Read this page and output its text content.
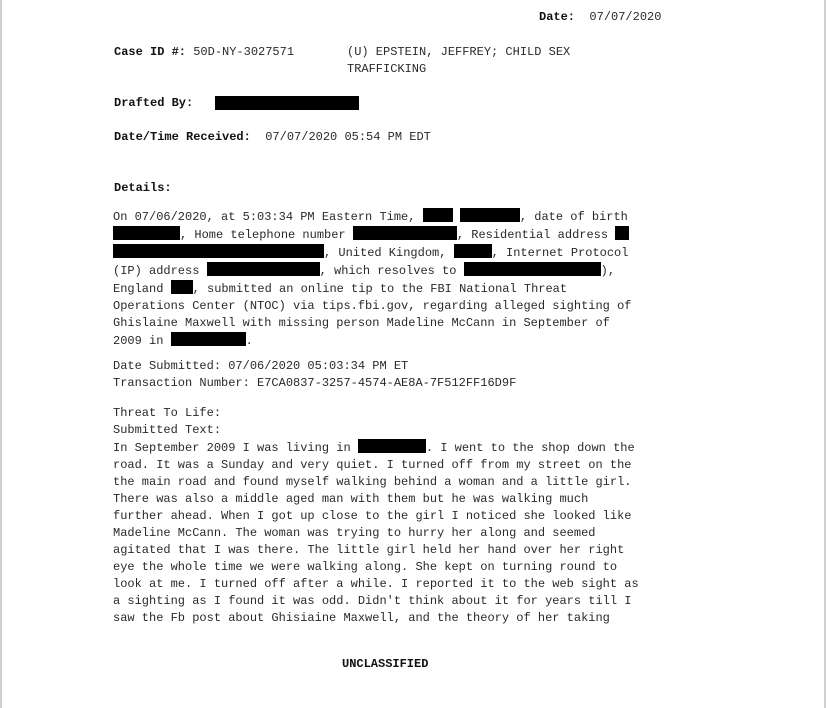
Date: 07/07/2020
Case ID #: 50D-NY-3027571	(U) EPSTEIN, JEFFREY; CHILD SEX
TRAFFICKING
Drafted By:
Date/Time Received: 07/07/2020 05:54 PM EDT
Details:
On 07/06/2020, at 5:03:34 PM Eastern Time,	, date of birth
, Home telephone number	, Residential address
, United Kingdom,	, Internet Protocol
(IP) address	, which resolves to	),
England , submitted an online tip to the FBI National Threat
Operations Center (NTOC) via tips.fbi.gov, regarding alleged sighting of
Ghislaine Maxwell with missing person Madeline McCann in September of
2009 in	.
Date Submitted: 07/06/2020 05:03:34 PM ET
Transaction Number: E7CA0837-3257-4574-AE8A-7F512FF16D9F
Threat To Life:
Submitted Text:
In September 2009 I was living in	. I went to the shop down the
road. It was a Sunday and very quiet. I turned off from my street on the
the main road and found myself walking behind a woman and a little girl.
There was also a middle aged man with them but he was walking much
further ahead. When I got up close to the girl I noticed she looked like
Madeline McCann. The woman was trying to hurry her along and seemed
agitated that I was there. The little girl held her hand over her right
eye the whole time we were walking along. She kept on turning round to
look at me. I turned off after a while. I reported it to the web sight as
a sighting as I found it was odd. Didn't think about it for years till I
saw the Fb post about Ghisiaine Maxwell, and the theory of her taking
UNCLASSIFIED
